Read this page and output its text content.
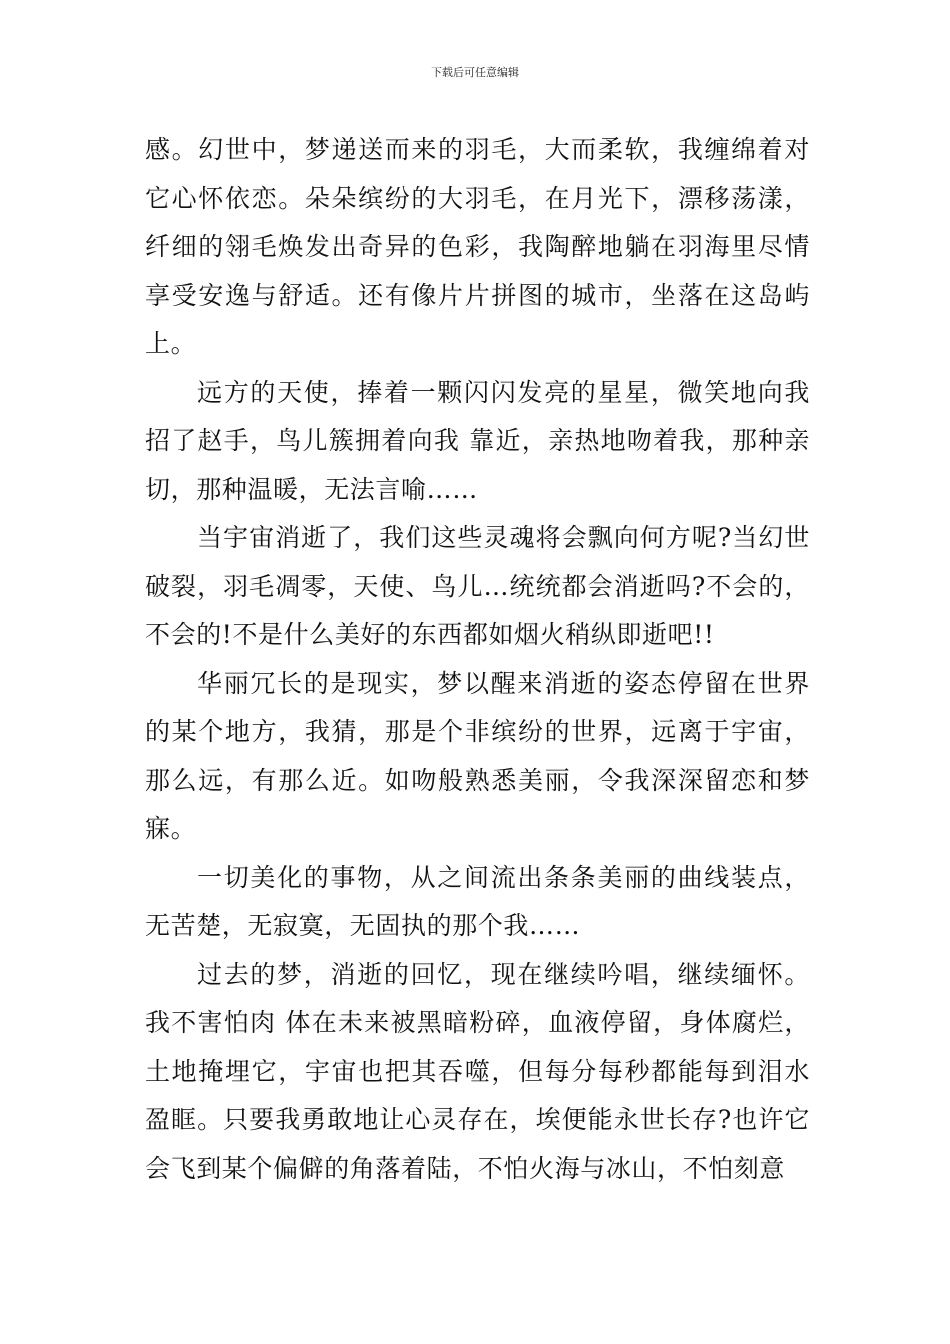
下载后可任意编辑

感。幻世中，梦递送而来的羽毛，大而柔软，我缠绵着对它心怀依恋。朵朵缤纷的大羽毛，在月光下，漂移荡漾，纤细的翎毛焕发出奇异的色彩，我陶醉地躺在羽海里尽情享受安逸与舒适。还有像片片拼图的城市，坐落在这岛屿上。

远方的天使，捧着一颗闪闪发亮的星星，微笑地向我招了赵手，鸟儿簇拥着向我 靠近，亲热地吻着我，那种亲切，那种温暖，无法言喻……

当宇宙消逝了，我们这些灵魂将会飘向何方呢?当幻世破裂，羽毛凋零，天使、鸟儿…统统都会消逝吗?不会的，不会的!不是什么美好的东西都如烟火稍纵即逝吧!!

华丽冗长的是现实，梦以醒来消逝的姿态停留在世界的某个地方，我猜，那是个非缤纷的世界，远离于宇宙，那么远，有那么近。如吻般熟悉美丽，令我深深留恋和梦寐。

一切美化的事物，从之间流出条条美丽的曲线装点，无苦楚，无寂寞，无固执的那个我……

过去的梦，消逝的回忆，现在继续吟唱，继续缅怀。我不害怕肉 体在未来被黑暗粉碎，血液停留，身体腐烂，土地掩埋它，宇宙也把其吞噬，但每分每秒都能每到泪水盈眶。只要我勇敢地让心灵存在，埃便能永世长存?也许它会飞到某个偏僻的角落着陆，不怕火海与冰山，不怕刻意
